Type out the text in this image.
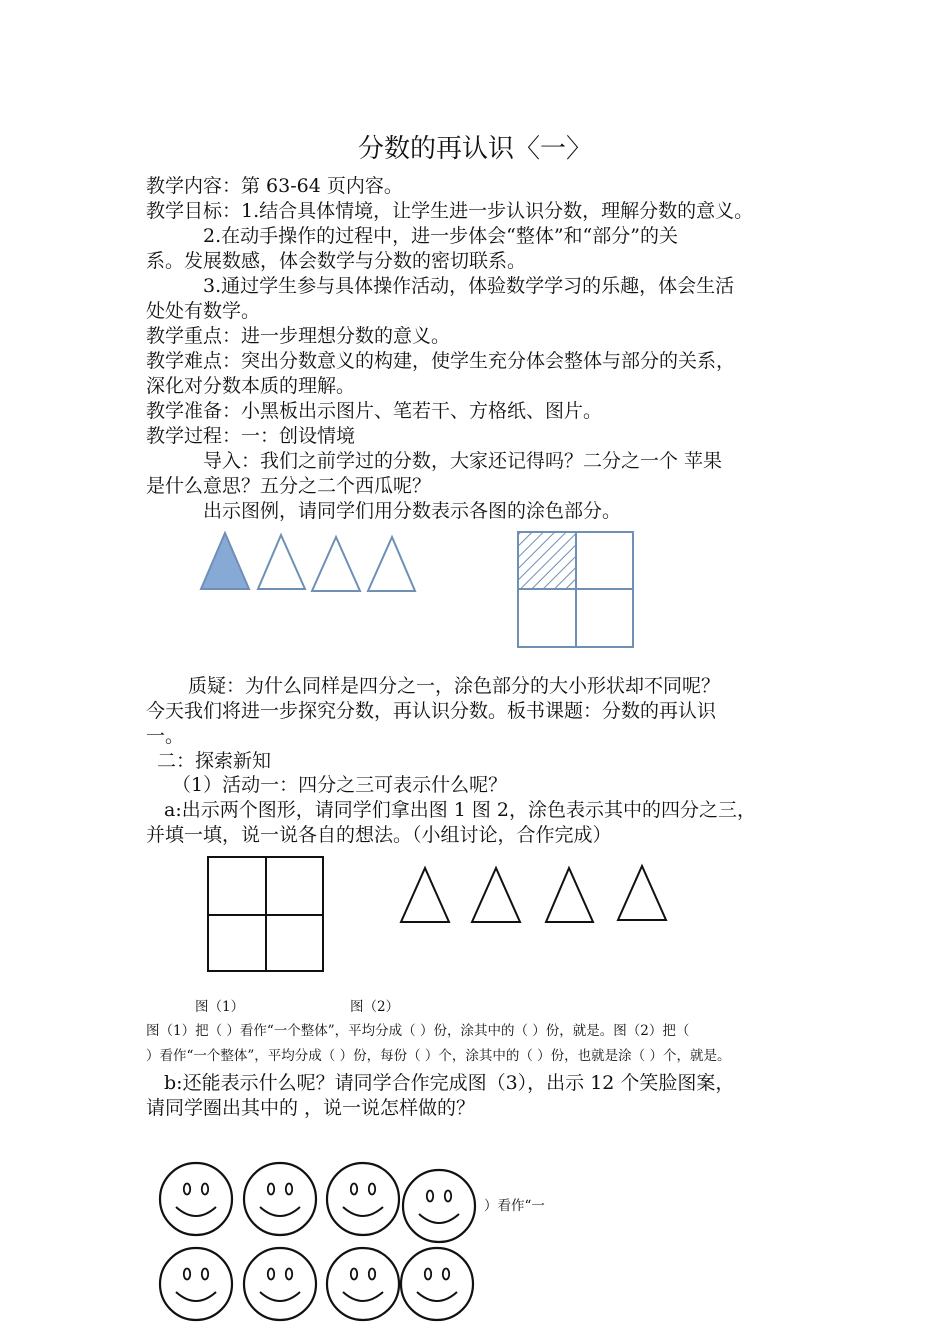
分数的再认识〈一〉
教学内容：第 63-64 页内容。
教学目标：1.结合具体情境，让学生进一步认识分数，理解分数的意义。
2.在动手操作的过程中，进一步体会“整体”和“部分”的关
系。发展数感，体会数学与分数的密切联系。
3.通过学生参与具体操作活动，体验数学学习的乐趣，体会生活
处处有数学。
教学重点：进一步理想分数的意义。
教学难点：突出分数意义的构建，使学生充分体会整体与部分的关系，
深化对分数本质的理解。
教学准备：小黑板出示图片、笔若干、方格纸、图片。
教学过程：一：创设情境
导入：我们之前学过的分数，大家还记得吗？二分之一个 苹果
是什么意思？五分之二个西瓜呢？
出示图例，请同学们用分数表示各图的涂色部分。
质疑：为什么同样是四分之一，涂色部分的大小形状却不同呢？
今天我们将进一步探究分数，再认识分数。板书课题：分数的再认识
一。
二：探索新知
（1）活动一：四分之三可表示什么呢？
a:出示两个图形，请同学们拿出图 1 图 2，涂色表示其中的四分之三，
并填一填，说一说各自的想法。（小组讨论，合作完成）
图（1）	图（2）
图（1）把（ ）看作“一个整体”，平均分成（ ）份，涂其中的（ ）份，就是。图（2）把（
）看作“一个整体”，平均分成（ ）份，每份（ ）个，涂其中的（ ）份，也就是涂（ ）个，就是。
b:还能表示什么呢？请同学合作完成图（3），出示 12 个笑脸图案，
请同学圈出其中的 ，说一说怎样做的？
）看作“一
